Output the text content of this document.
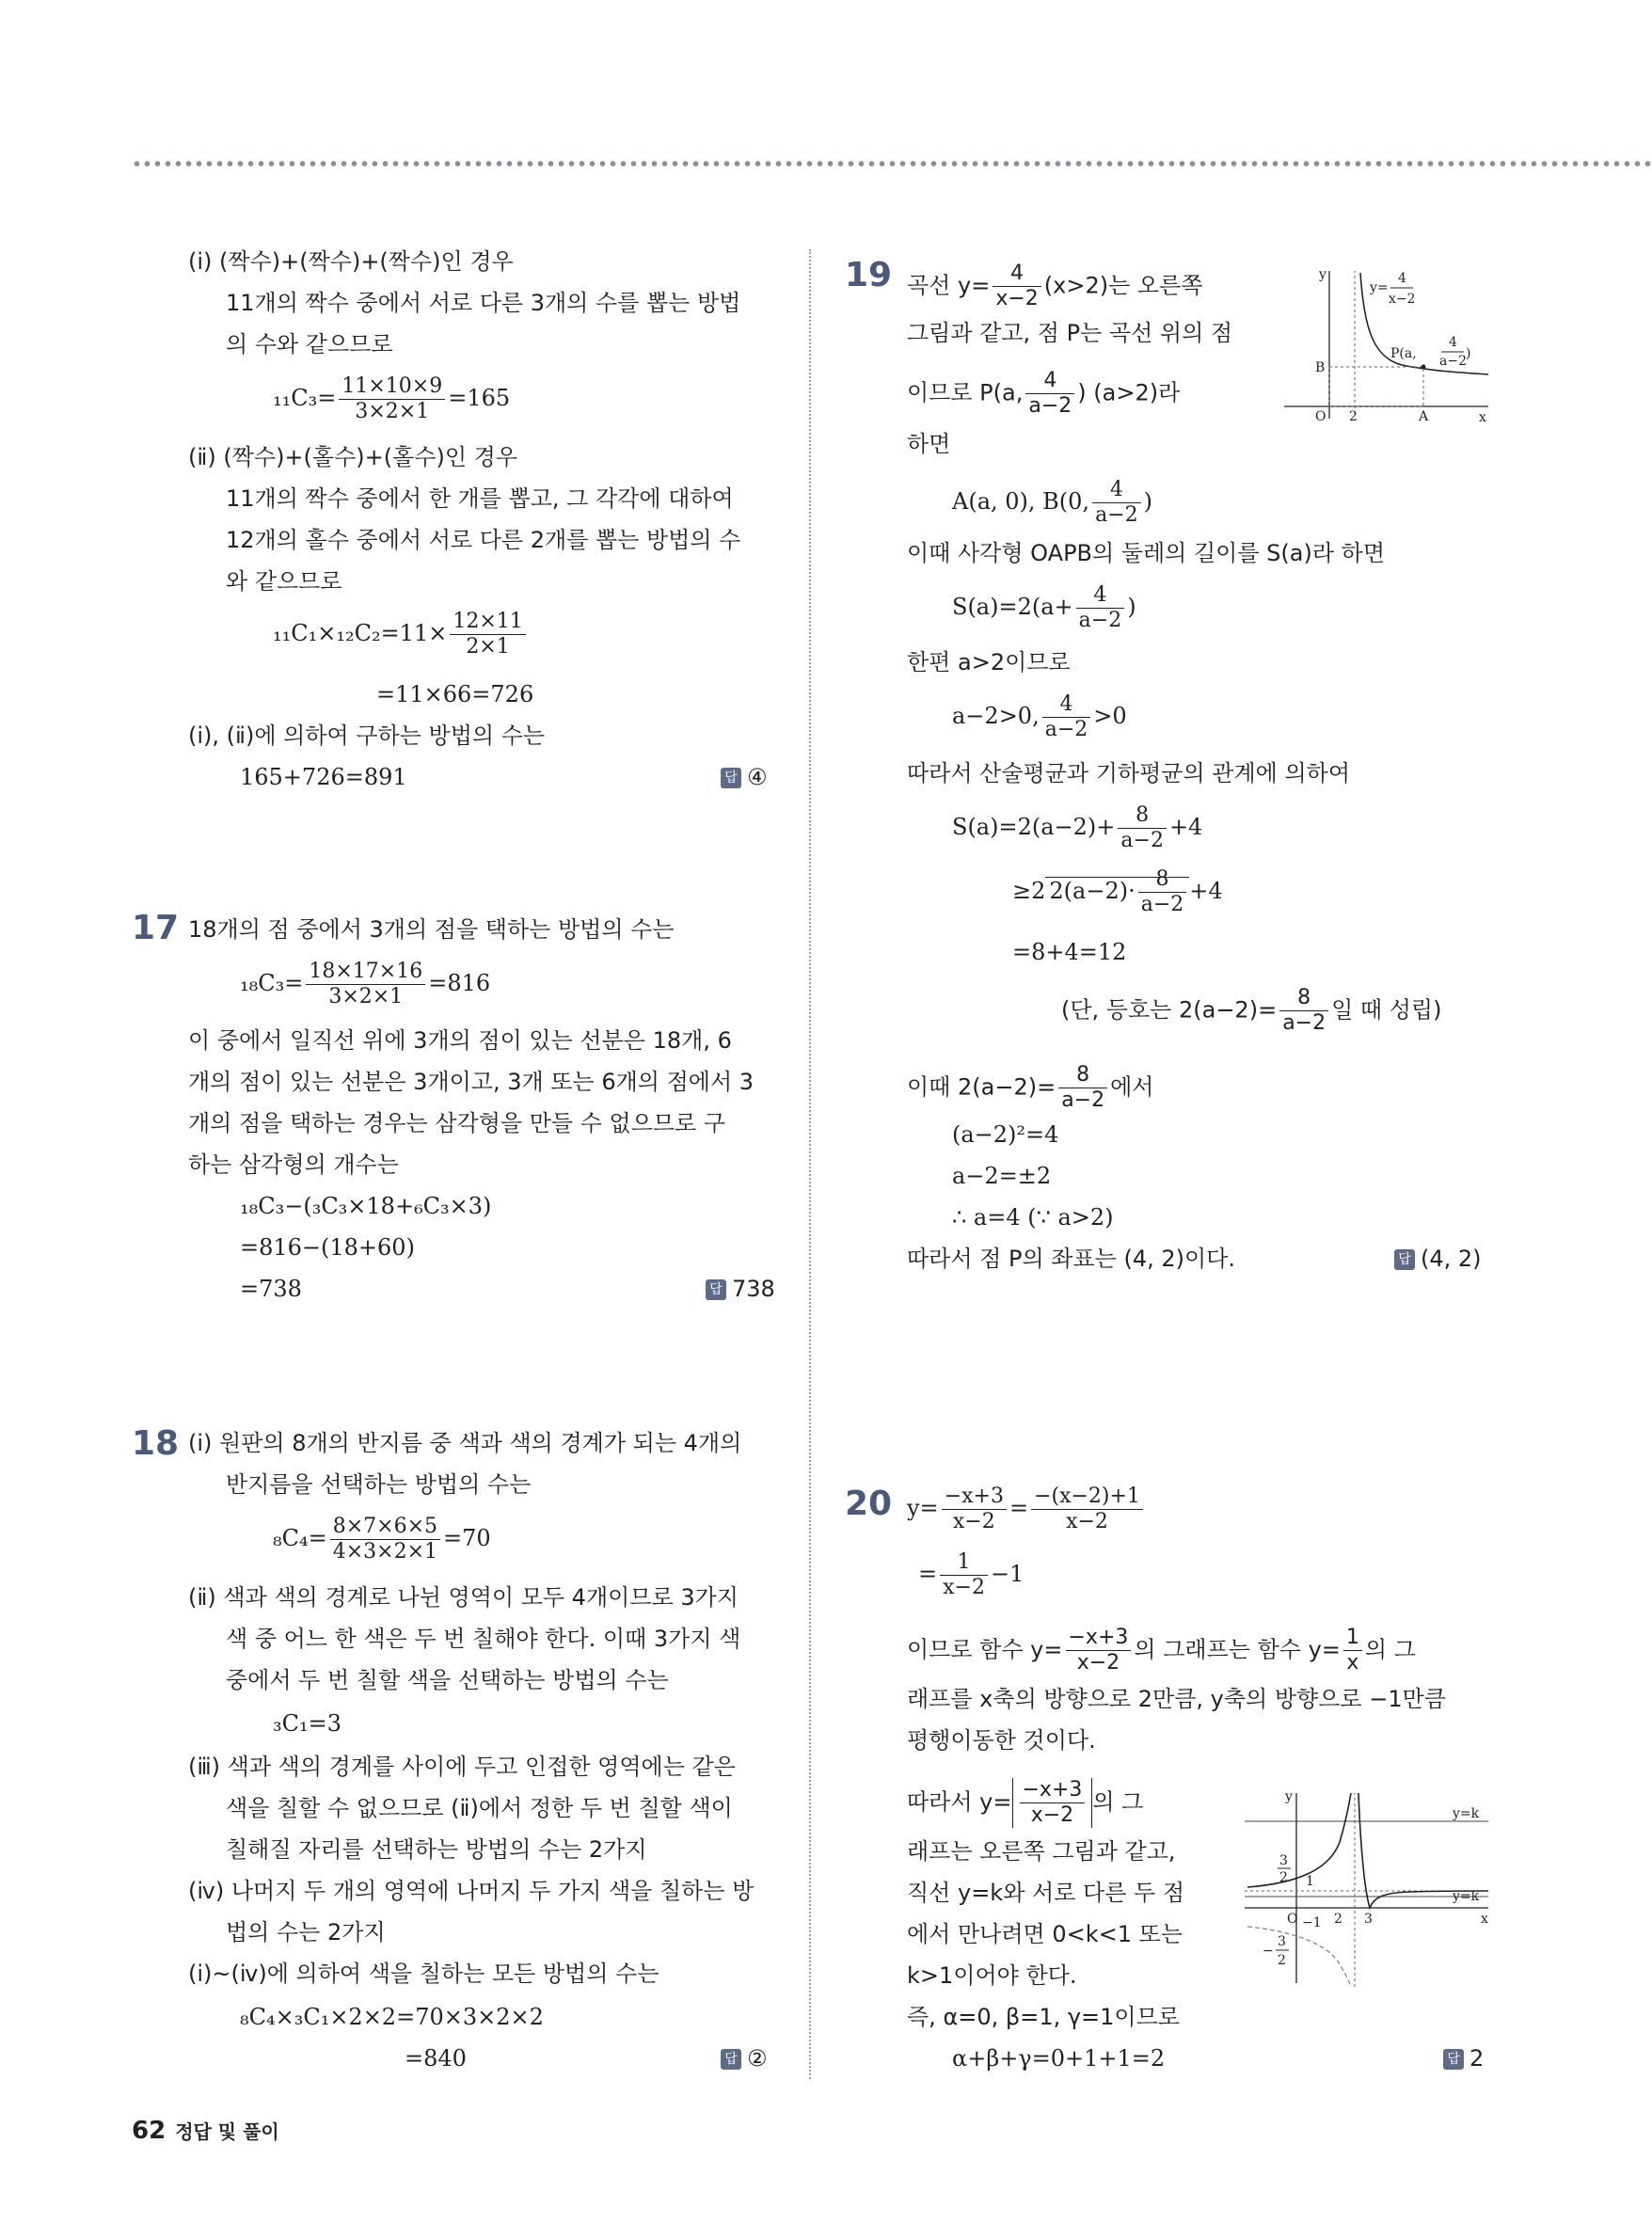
(ⅰ) (짝수)+(짝수)+(짝수)인 경우
11개의 짝수 중에서 서로 다른 3개의 수를 뽑는 방법
의 수와 같으므로
$_{11}C_3= \frac{11\times 10\times 9}{3\times 2\times 1} =165$
(ⅱ) (짝수)+(홀수)+(홀수)인 경우
11개의 짝수 중에서 한 개를 뽑고, 그 각각에 대하여
12개의 홀수 중에서 서로 다른 2개를 뽑는 방법의 수
와 같으므로
$_{11}C_1\times_{12}C_2=11\times \frac{12\times 11}{2\times 1}$
=11×66=726
(ⅰ), (ⅱ)에 의하여 구하는 방법의 수는
165+726=891	답 ④
17 18개의 점 중에서 3개의 점을 택하는 방법의 수는
$_{18}C_3= \frac{18\times 17\times 16}{3\times 2\times 1} =816$
이 중에서 일직선 위에 3개의 점이 있는 선분은 18개, 6
개의 점이 있는 선분은 3개이고, 3개 또는 6개의 점에서 3
개의 점을 택하는 경우는 삼각형을 만들 수 없으므로 구
하는 삼각형의 개수는
₁₈C₃−(₃C₃×18+₆C₃×3)
=816−(18+60)
=738	답 738
18 (ⅰ) 원판의 8개의 반지름 중 색과 색의 경계가 되는 4개의
반지름을 선택하는 방법의 수는
$_8C_4= \frac{8\times 7\times 6\times 5}{4\times 3\times 2\times 1} =70$
(ⅱ) 색과 색의 경계로 나뉜 영역이 모두 4개이므로 3가지
색 중 어느 한 색은 두 번 칠해야 한다. 이때 3가지 색
중에서 두 번 칠할 색을 선택하는 방법의 수는
₃C₁=3
(ⅲ) 색과 색의 경계를 사이에 두고 인접한 영역에는 같은
색을 칠할 수 없으므로 (ⅱ)에서 정한 두 번 칠할 색이
칠해질 자리를 선택하는 방법의 수는 2가지
(ⅳ) 나머지 두 개의 영역에 나머지 두 가지 색을 칠하는 방
법의 수는 2가지
(ⅰ)~(ⅳ)에 의하여 색을 칠하는 모든 방법의 수는
₈C₄×₃C₁×2×2=70×3×2×2
=840	답 ②
19 곡선 $y= \frac{4}{x-2} (x>2)$는 오른쪽
그림과 같고, 점 P는 곡선 위의 점
이므로 P(a, $\frac{4}{a-2}$ ) (a>2)라
하면
A(a, 0), B(0, $\frac{4}{a-2}$ )
이때 사각형 OAPB의 둘레의 길이를 S(a)라 하면
$S(a)=2(a+ \frac{4}{a-2}$ )
한편 a>2이므로
a−2>0, $\frac{4}{a-2} >0$
따라서 산술평균과 기하평균의 관계에 의하여
$S(a)=2(a-2)+ \frac{8}{a-2} +4$
≥2 $2(a-2)\cdot \frac{8}{a-2} +4$
=8+4=12
(단, 등호는 $2(a-2)= \frac{8}{a-2}$ 일 때 성립)
이때 $2(a-2)= \frac{8}{a-2}$ 에서
(a−2)²=4
a−2=±2
∴ a=4 (∵ a>2)
따라서 점 P의 좌표는 (4, 2)이다.	답 (4, 2)
y
x
y=
4
x−2
P(a,
4
a−2 )
B
O 2	A
20 $y= \frac{-x+3}{x-2} = \frac{-(x-2)+1}{x-2}$
= $\frac{1}{x-2} -1$
이므로 함수 $y= \frac{-x+3}{x-2}$ 의 그래프는 함수 $y= \frac{1}{x}$ 의 그
래프를 x축의 방향으로 2만큼, y축의 방향으로 −1만큼
평행이동한 것이다.
따라서 $y= \frac{-x+3}{x-2}$ 의 그
래프는 오른쪽 그림과 같고,
직선 y=k와 서로 다른 두 점
에서 만나려면 0<k<1 또는
k>1이어야 한다.
즉, α=0, β=1, γ=1이므로
α+β+γ=0+1+1=2	답 2
y
x
y=k
y=k
3
2 1
O −1 2 3
−
3
2
62 정답 및 풀이
